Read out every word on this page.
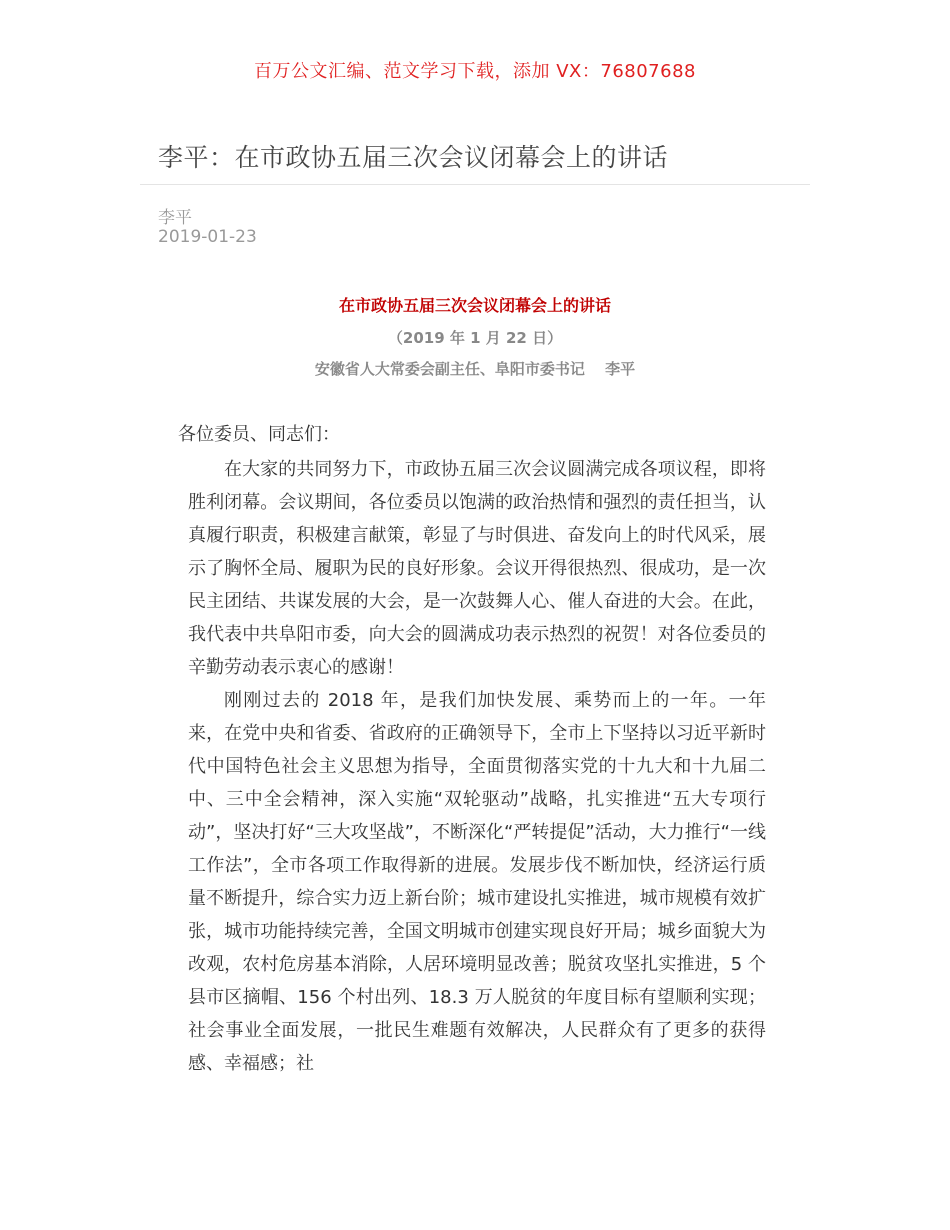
百万公文汇编、范文学习下载，添加 VX：76807688
李平：在市政协五届三次会议闭幕会上的讲话
李平
2019-01-23
在市政协五届三次会议闭幕会上的讲话
（2019 年 1 月 22 日）
安徽省人大常委会副主任、阜阳市委书记　 李平
各位委员、同志们：

在大家的共同努力下，市政协五届三次会议圆满完成各项议程，即将胜利闭幕。会议期间，各位委员以饱满的政治热情和强烈的责任担当，认真履行职责，积极建言献策，彰显了与时俱进、奋发向上的时代风采，展示了胸怀全局、履职为民的良好形象。会议开得很热烈、很成功，是一次民主团结、共谋发展的大会，是一次鼓舞人心、催人奋进的大会。在此，我代表中共阜阳市委，向大会的圆满成功表示热烈的祝贺！对各位委员的辛勤劳动表示衷心的感谢！

刚刚过去的 2018 年，是我们加快发展、乘势而上的一年。一年来，在党中央和省委、省政府的正确领导下，全市上下坚持以习近平新时代中国特色社会主义思想为指导，全面贯彻落实党的十九大和十九届二中、三中全会精神，深入实施“双轮驱动”战略，扎实推进“五大专项行动”，坚决打好“三大攻坚战”，不断深化“严转提促”活动，大力推行“一线工作法”，全市各项工作取得新的进展。发展步伐不断加快，经济运行质量不断提升，综合实力迈上新台阶；城市建设扎实推进，城市规模有效扩张，城市功能持续完善，全国文明城市创建实现良好开局；城乡面貌大为改观，农村危房基本消除，人居环境明显改善；脱贫攻坚扎实推进，5 个县市区摘帽、156 个村出列、18.3 万人脱贫的年度目标有望顺利实现；社会事业全面发展，一批民生难题有效解决，人民群众有了更多的获得感、幸福感；社
